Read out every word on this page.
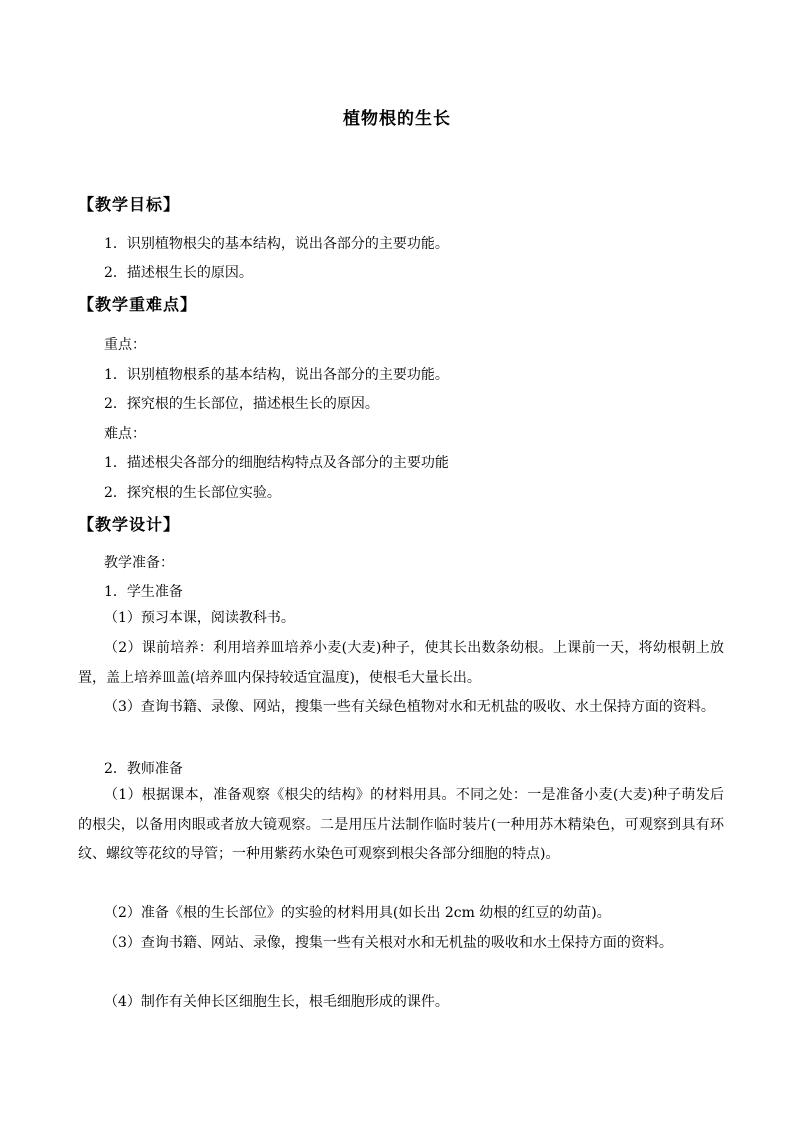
植物根的生长
【教学目标】
1．识别植物根尖的基本结构，说出各部分的主要功能。
2．描述根生长的原因。
【教学重难点】
重点：
1．识别植物根系的基本结构，说出各部分的主要功能。
2．探究根的生长部位，描述根生长的原因。
难点：
1．描述根尖各部分的细胞结构特点及各部分的主要功能
2．探究根的生长部位实验。
【教学设计】
教学准备：
1．学生准备
（1）预习本课，阅读教科书。
（2）课前培养：利用培养皿培养小麦(大麦)种子，使其长出数条幼根。上课前一天，将幼根朝上放置，盖上培养皿盖(培养皿内保持较适宜温度)，使根毛大量长出。
（3）查询书籍、录像、网站，搜集一些有关绿色植物对水和无机盐的吸收、水土保持方面的资料。
2．教师准备
（1）根据课本，准备观察《根尖的结构》的材料用具。不同之处：一是准备小麦(大麦)种子萌发后的根尖，以备用肉眼或者放大镜观察。二是用压片法制作临时装片(一种用苏木精染色，可观察到具有环纹、螺纹等花纹的导管；一种用紫药水染色可观察到根尖各部分细胞的特点)。
（2）准备《根的生长部位》的实验的材料用具(如长出 2cm 幼根的红豆的幼苗)。
（3）查询书籍、网站、录像，搜集一些有关根对水和无机盐的吸收和水土保持方面的资料。
（4）制作有关伸长区细胞生长，根毛细胞形成的课件。
